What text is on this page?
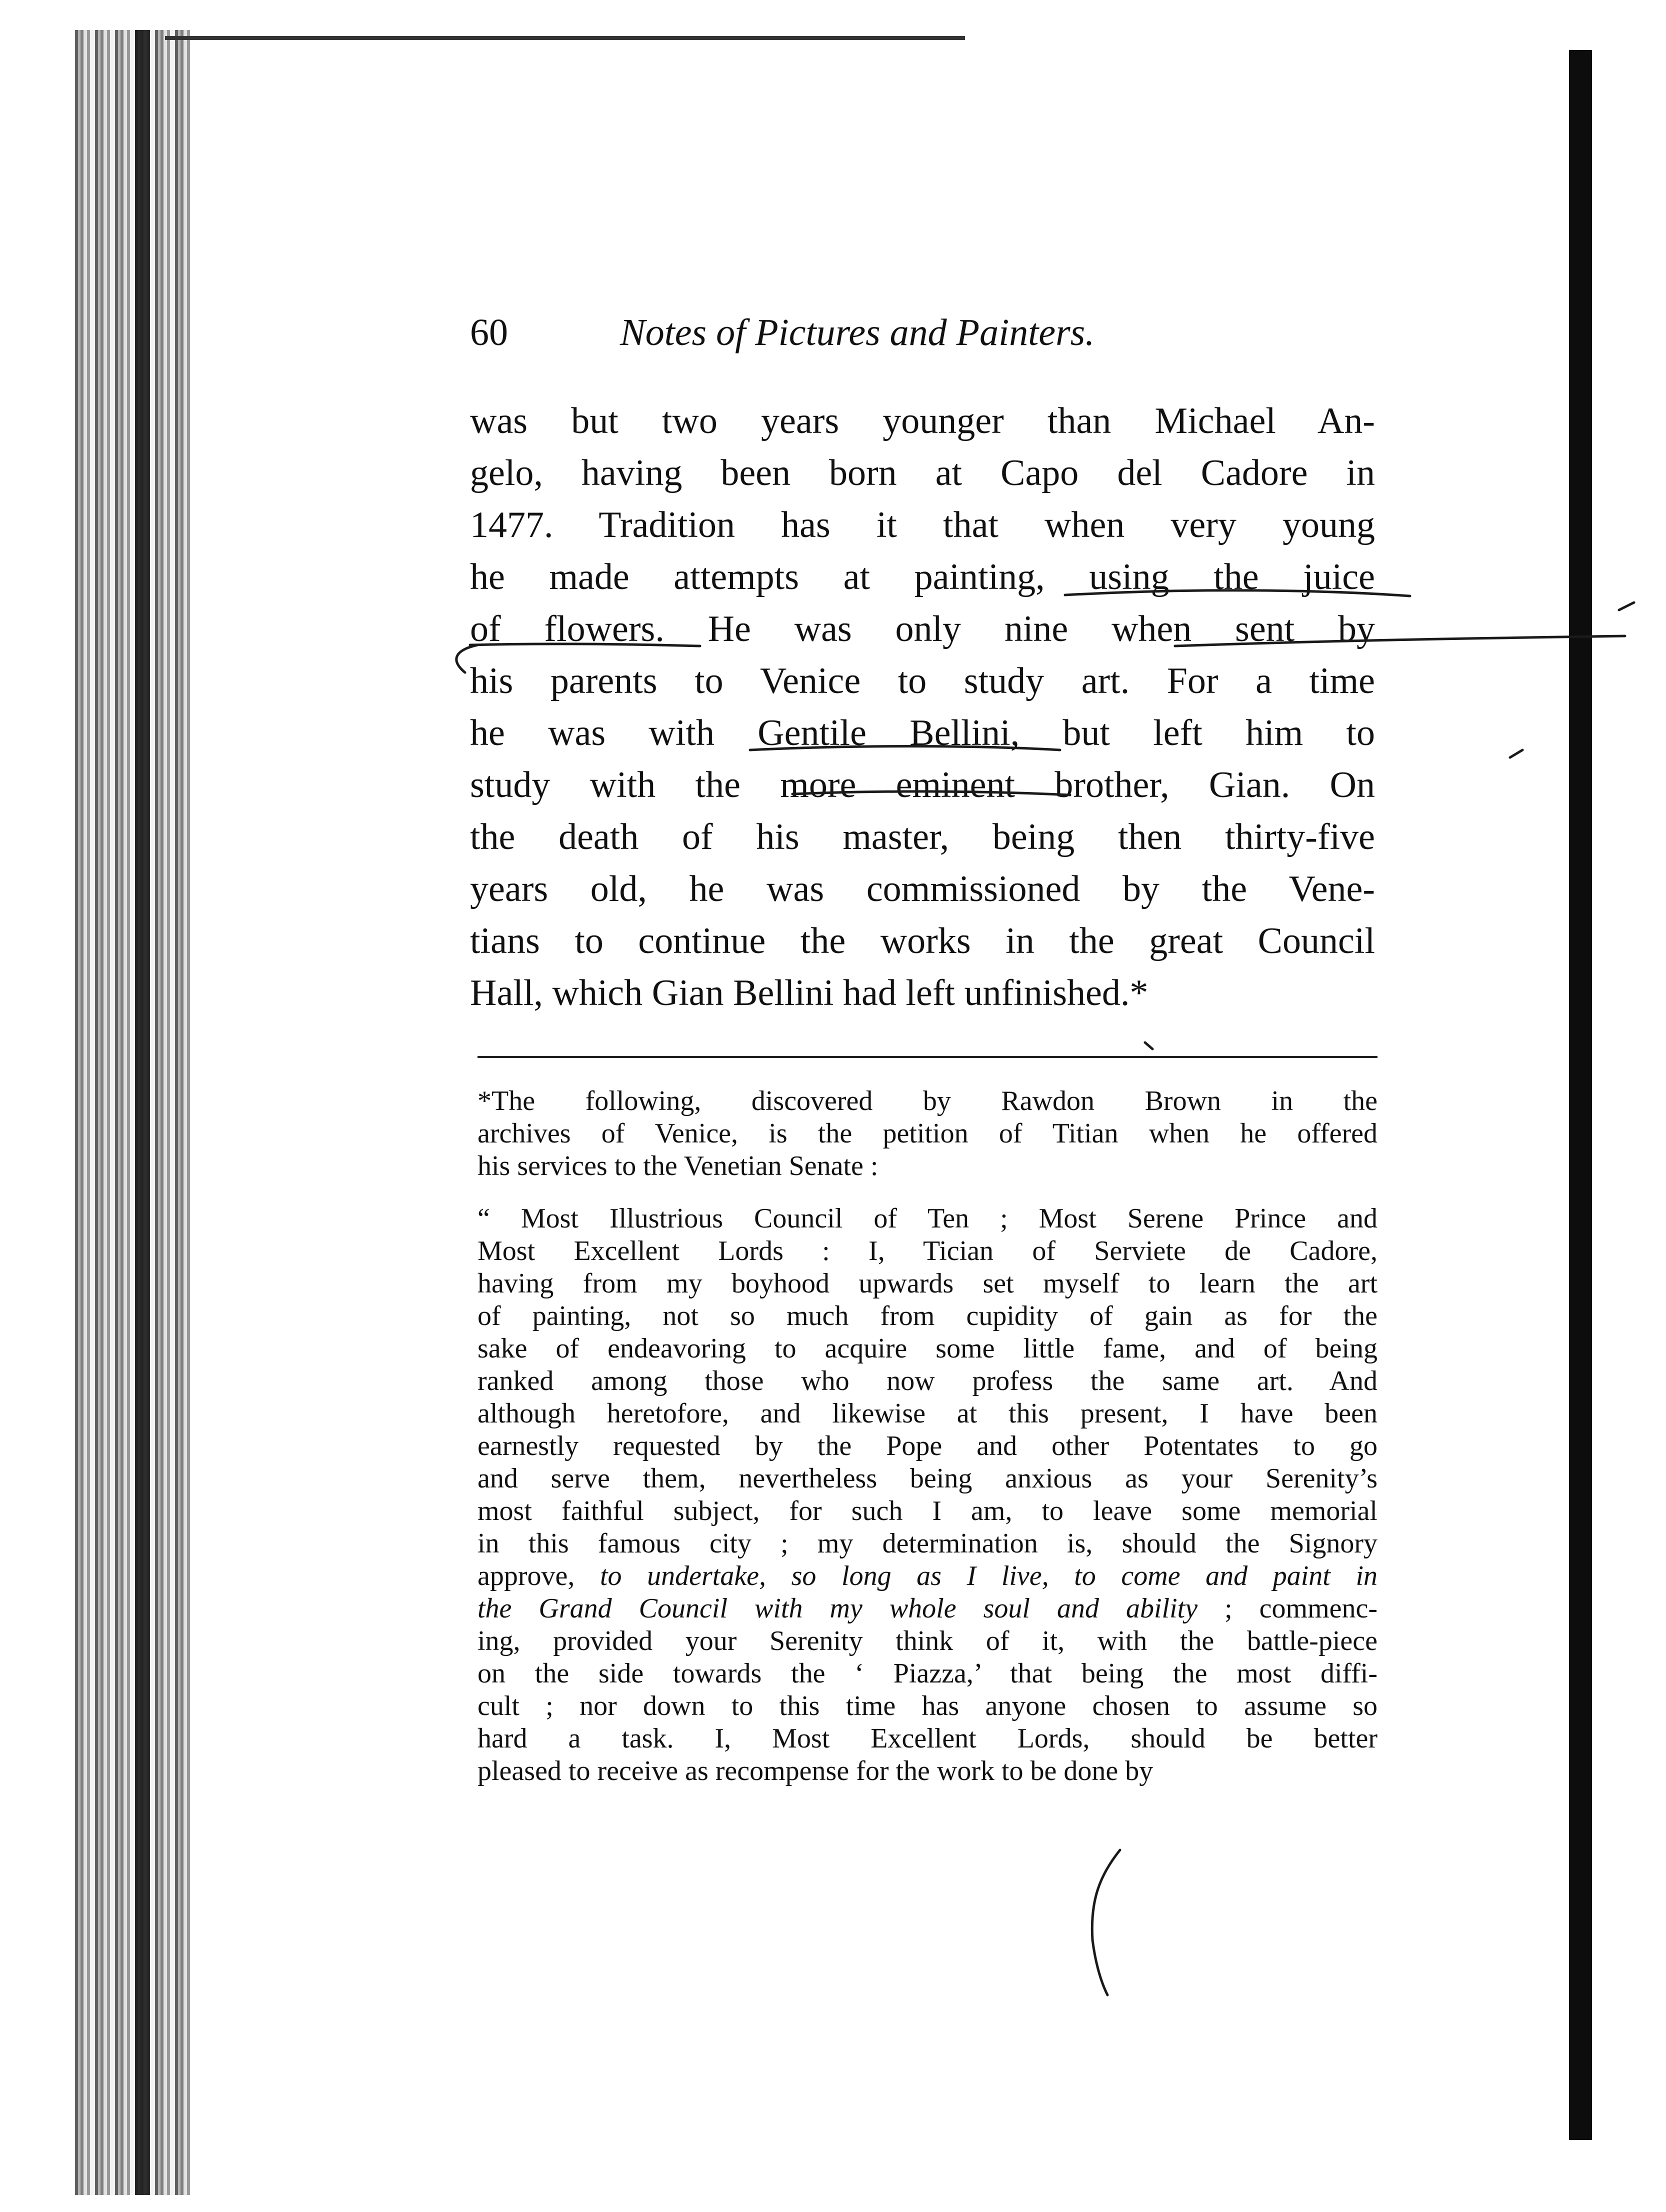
60	Notes of Pictures and Painters.
was but two years younger than Michael An-
gelo, having been born at Capo del Cadore in
1477. Tradition has it that when very young
he made attempts at painting, using the juice
of flowers. He was only nine when sent by
his parents to Venice to study art. For a time
he was with Gentile Bellini, but left him to
study with the more eminent brother, Gian. On
the death of his master, being then thirty-five
years old, he was commissioned by the Vene-
tians to continue the works in the great Council
Hall, which Gian Bellini had left unfinished.*
*The following, discovered by Rawdon Brown in the
archives of Venice, is the petition of Titian when he offered
his services to the Venetian Senate :
“ Most Illustrious Council of Ten ; Most Serene Prince and
Most Excellent Lords : I, Tician of Serviete de Cadore,
having from my boyhood upwards set myself to learn the art
of painting, not so much from cupidity of gain as for the
sake of endeavoring to acquire some little fame, and of being
ranked among those who now profess the same art. And
although heretofore, and likewise at this present, I have been
earnestly requested by the Pope and other Potentates to go
and serve them, nevertheless being anxious as your Serenity’s
most faithful subject, for such I am, to leave some memorial
in this famous city ; my determination is, should the Signory
approve, to undertake, so long as I live, to come and paint in
the Grand Council with my whole soul and ability ; commenc-
ing, provided your Serenity think of it, with the battle-piece
on the side towards the ‘ Piazza,’ that being the most diffi-
cult ; nor down to this time has anyone chosen to assume so
hard a task. I, Most Excellent Lords, should be better
pleased to receive as recompense for the work to be done by
